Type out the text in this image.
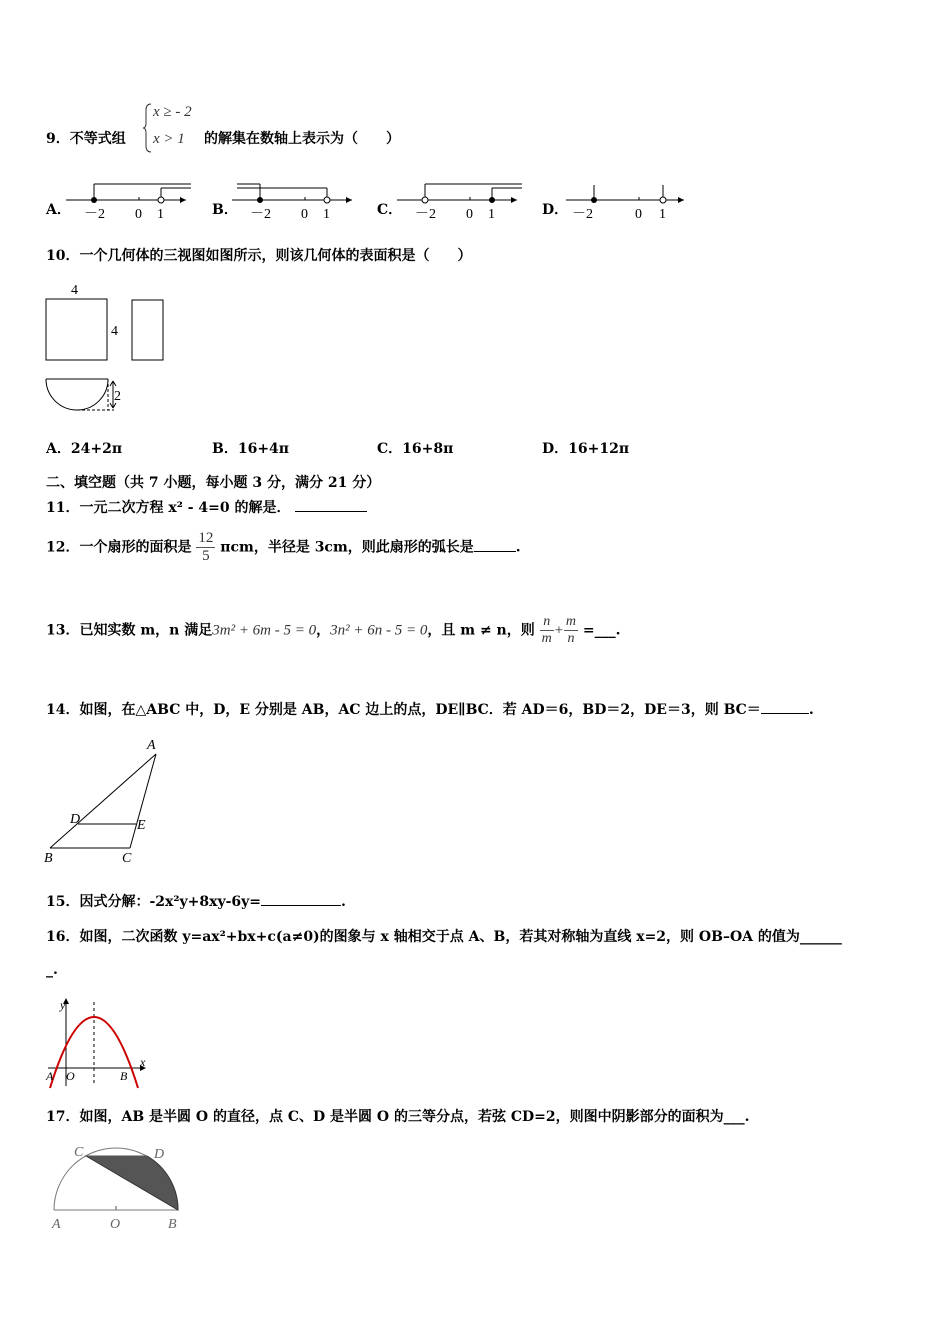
9．不等式组
x ≥ - 2
x > 1 的解集在数轴上表示为（　　）
A． －2 0 1	B． －2 0 1	C． －2 0 1	D． －2	0 1
10．一个几何体的三视图如图所示，则该几何体的表面积是（　　）
4
4
2
A．24+2π	B．16+4π	C．16+8π	D．16+12π
二、填空题（共 7 小题，每小题 3 分，满分 21 分）
11．一元二次方程 x² - 4=0 的解是．
12．一个扇形的面积是 $\frac{12}{5}$ πcm，半径是 3cm，则此扇形的弧长是	.
13．已知实数 m，n 满足3m² + 6m - 5 = 0，3n² + 6n - 5 = 0，且 m ≠ n，则 $\frac{n}{m} + \frac{m}{n}$ =___.
14．如图，在△ABC 中，D，E 分别是 AB，AC 边上的点，DE∥BC．若 AD＝6，BD＝2，DE＝3，则 BC＝	.
A
D	E
B	C
15．因式分解：-2x²y+8xy-6y=	.
16．如图，二次函数 y=ax²+bx+c(a≠0)的图象与 x 轴相交于点 A、B，若其对称轴为直线 x=2，则 OB–OA 的值为______
_.
y
x
A O	B
17．如图，AB 是半圆 O 的直径，点 C、D 是半圆 O 的三等分点，若弦 CD=2，则图中阴影部分的面积为___.
C	D
A	O	B
